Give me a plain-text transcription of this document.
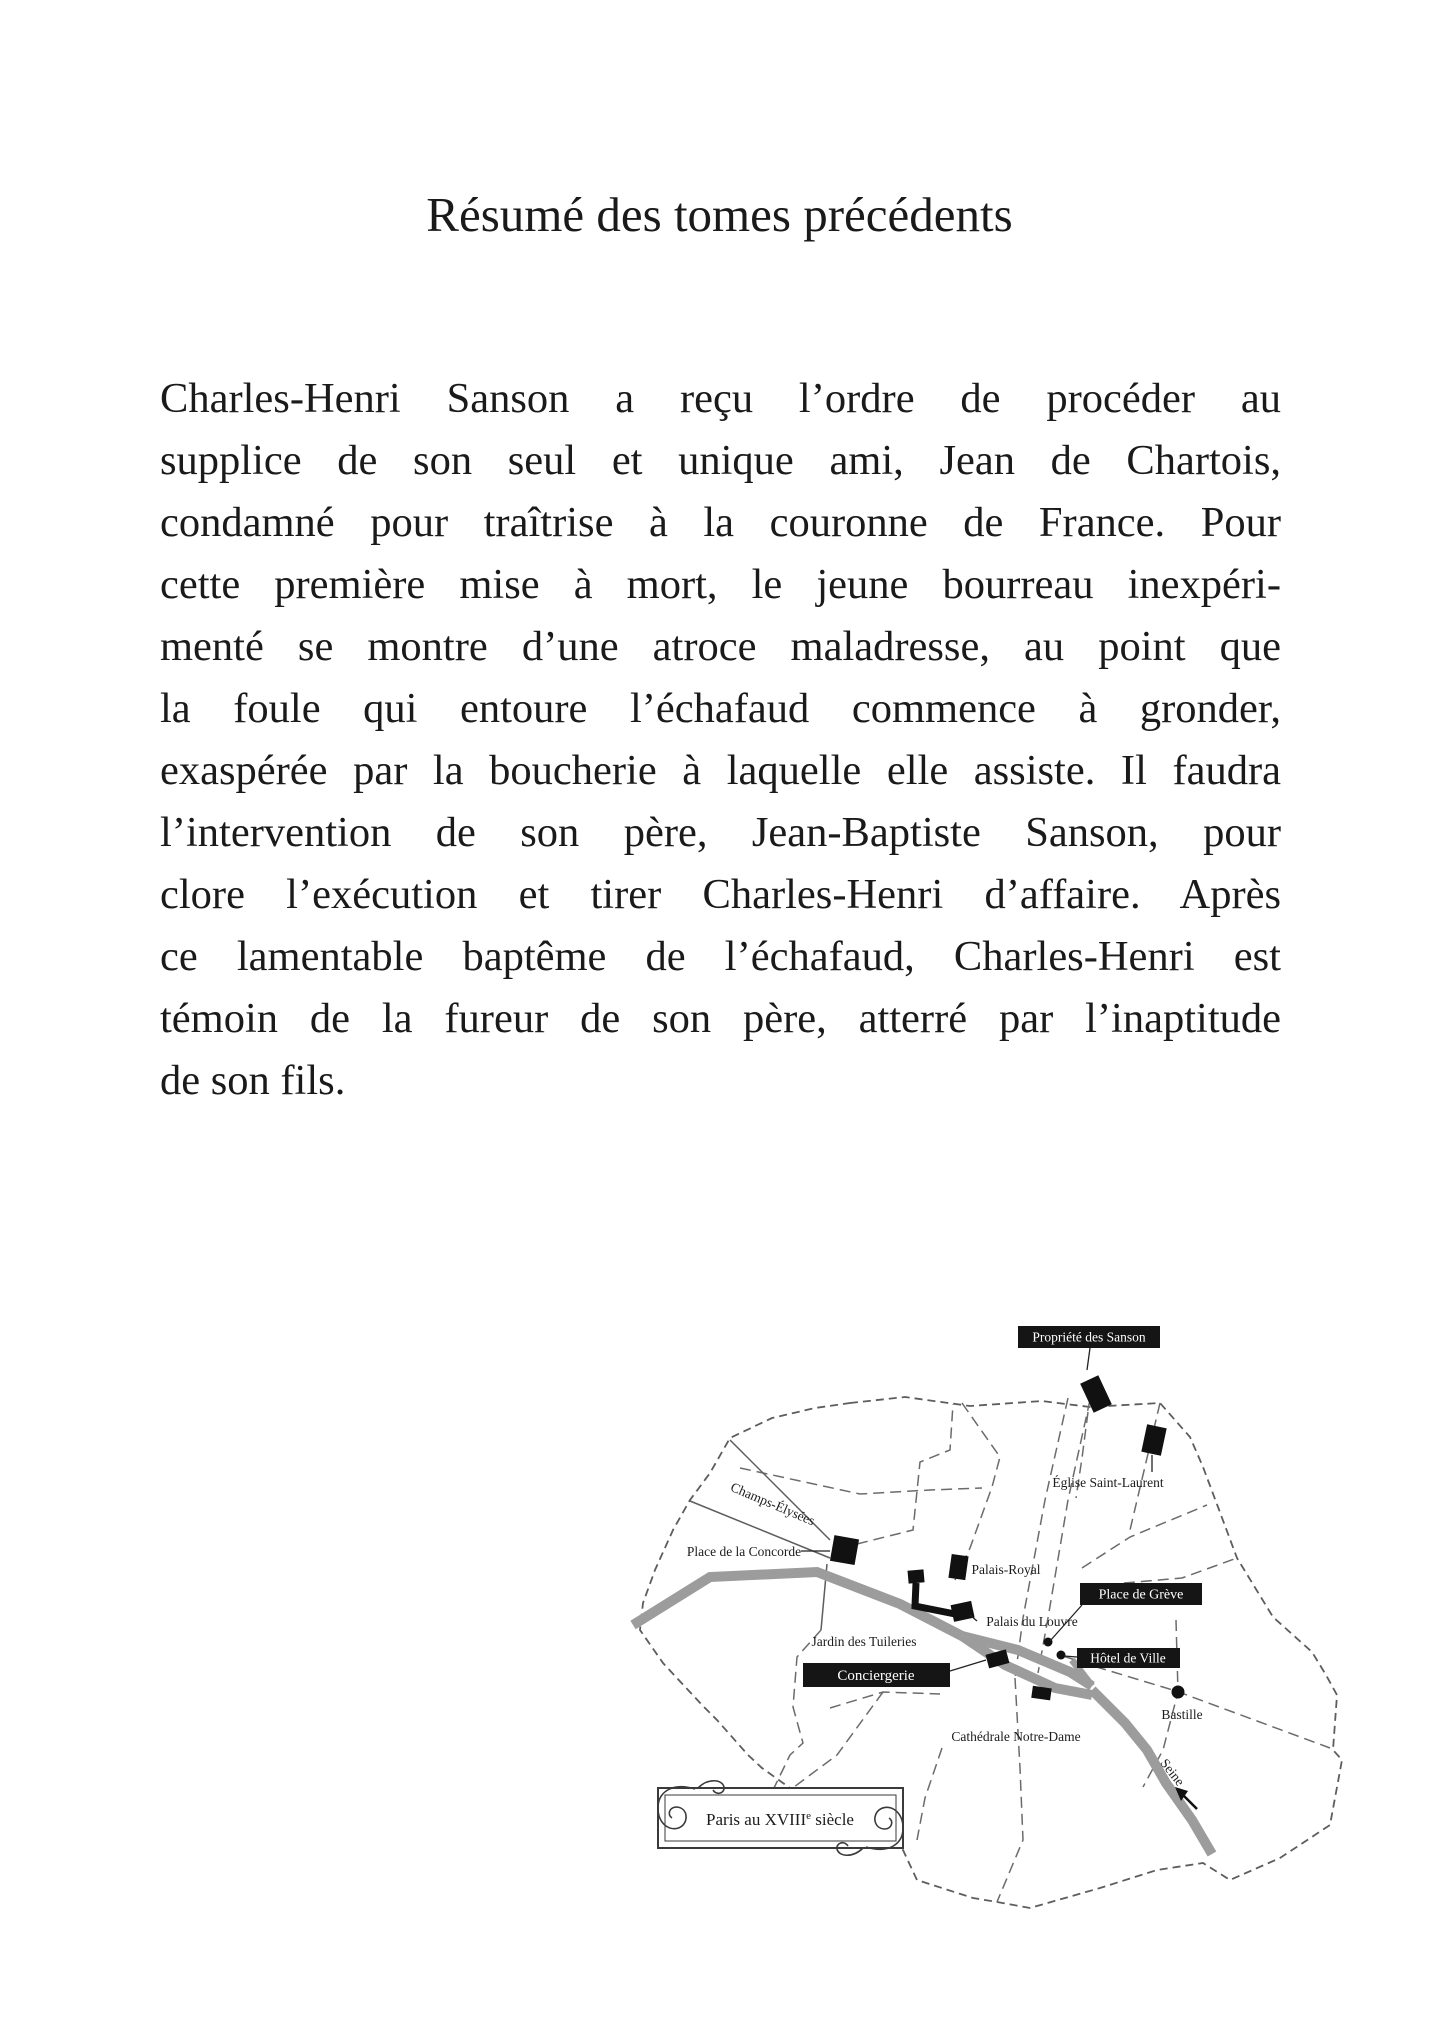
Résumé des tomes précédents
Charles-Henri Sanson a reçu l’ordre de procéder au
supplice de son seul et unique ami, Jean de Chartois,
condamné pour traîtrise à la couronne de France. Pour
cette première mise à mort, le jeune bourreau inexpéri-
menté se montre d’une atroce maladresse, au point que
la foule qui entoure l’échafaud commence à gronder,
exaspérée par la boucherie à laquelle elle assiste. Il faudra
l’intervention de son père, Jean-Baptiste Sanson, pour
clore l’exécution et tirer Charles-Henri d’affaire. Après
ce lamentable baptême de l’échafaud, Charles-Henri est
témoin de la fureur de son père, atterré par l’inaptitude
de son fils.
Église Saint-Laurent
Champs-Élysées
Place de la Concorde
Palais-Royal
Palais du Louvre
Jardin des Tuileries
Bastille
Cathédrale Notre-Dame
Seine
Propriété des Sanson
Place de Grève
Hôtel de Ville
Conciergerie
Paris au XVIIIe siècle
